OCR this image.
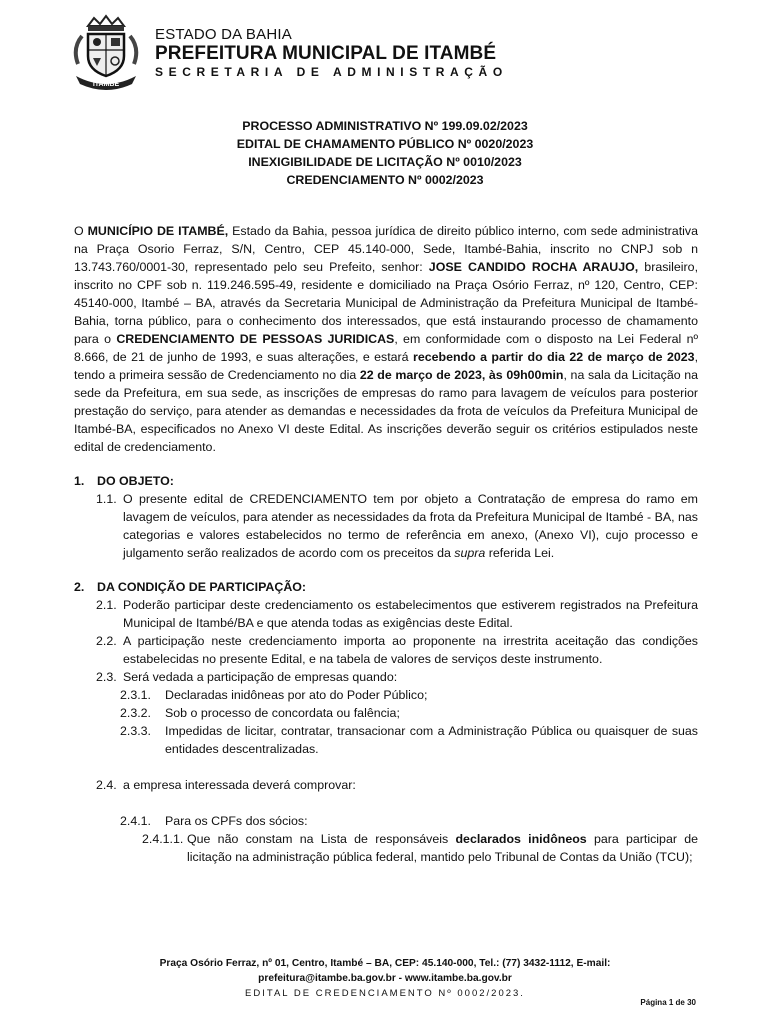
ITAMBÉ
ESTADO DA BAHIA
PREFEITURA MUNICIPAL DE ITAMBÉ
SECRETARIA DE ADMINISTRAÇÃO
PROCESSO ADMINISTRATIVO Nº 199.09.02/2023
EDITAL DE CHAMAMENTO PÚBLICO Nº 0020/2023
INEXIGIBILIDADE DE LICITAÇÃO Nº 0010/2023
CREDENCIAMENTO Nº 0002/2023

O MUNICÍPIO DE ITAMBÉ, Estado da Bahia, pessoa jurídica de direito público interno, com sede administrativa na Praça Osorio Ferraz, S/N, Centro, CEP 45.140-000, Sede, Itambé-Bahia, inscrito no CNPJ sob n 13.743.760/0001-30, representado pelo seu Prefeito, senhor: JOSE CANDIDO ROCHA ARAUJO, brasileiro, inscrito no CPF sob n. 119.246.595-49, residente e domiciliado na Praça Osório Ferraz, nº 120, Centro, CEP: 45140-000, Itambé – BA, através da Secretaria Municipal de Administração da Prefeitura Municipal de Itambé-Bahia, torna público, para o conhecimento dos interessados, que está instaurando processo de chamamento para o CREDENCIAMENTO DE PESSOAS JURIDICAS, em conformidade com o disposto na Lei Federal nº 8.666, de 21 de junho de 1993, e suas alterações, e estará recebendo a partir do dia 22 de março de 2023, tendo a primeira sessão de Credenciamento no dia 22 de março de 2023, às 09h00min, na sala da Licitação na sede da Prefeitura, em sua sede, as inscrições de empresas do ramo para lavagem de veículos para posterior prestação do serviço, para atender as demandas e necessidades da frota de veículos da Prefeitura Municipal de Itambé-BA, especificados no Anexo VI deste Edital. As inscrições deverão seguir os critérios estipulados neste edital de credenciamento.

1. DO OBJETO:
1.1. O presente edital de CREDENCIAMENTO tem por objeto a Contratação de empresa do ramo em lavagem de veículos, para atender as necessidades da frota da Prefeitura Municipal de Itambé - BA, nas categorias e valores estabelecidos no termo de referência em anexo, (Anexo VI), cujo processo e julgamento serão realizados de acordo com os preceitos da supra referida Lei.
2. DA CONDIÇÃO DE PARTICIPAÇÃO:
2.1. Poderão participar deste credenciamento os estabelecimentos que estiverem registrados na Prefeitura Municipal de Itambé/BA e que atenda todas as exigências deste Edital.
2.2. A participação neste credenciamento importa ao proponente na irrestrita aceitação das condições estabelecidas no presente Edital, e na tabela de valores de serviços deste instrumento.
2.3. Será vedada a participação de empresas quando:
2.3.1. Declaradas inidôneas por ato do Poder Público;
2.3.2. Sob o processo de concordata ou falência;
2.3.3. Impedidas de licitar, contratar, transacionar com a Administração Pública ou quaisquer de suas entidades descentralizadas.
2.4. a empresa interessada deverá comprovar:
2.4.1. Para os CPFs dos sócios:
2.4.1.1. Que não constam na Lista de responsáveis declarados inidôneos para participar de licitação na administração pública federal, mantido pelo Tribunal de Contas da União (TCU);
Praça Osório Ferraz, nº 01, Centro, Itambé – BA, CEP: 45.140-000, Tel.: (77) 3432-1112, E-mail:
prefeitura@itambe.ba.gov.br - www.itambe.ba.gov.br
EDITAL DE CREDENCIAMENTO Nº 0002/2023.
Página 1 de 30
